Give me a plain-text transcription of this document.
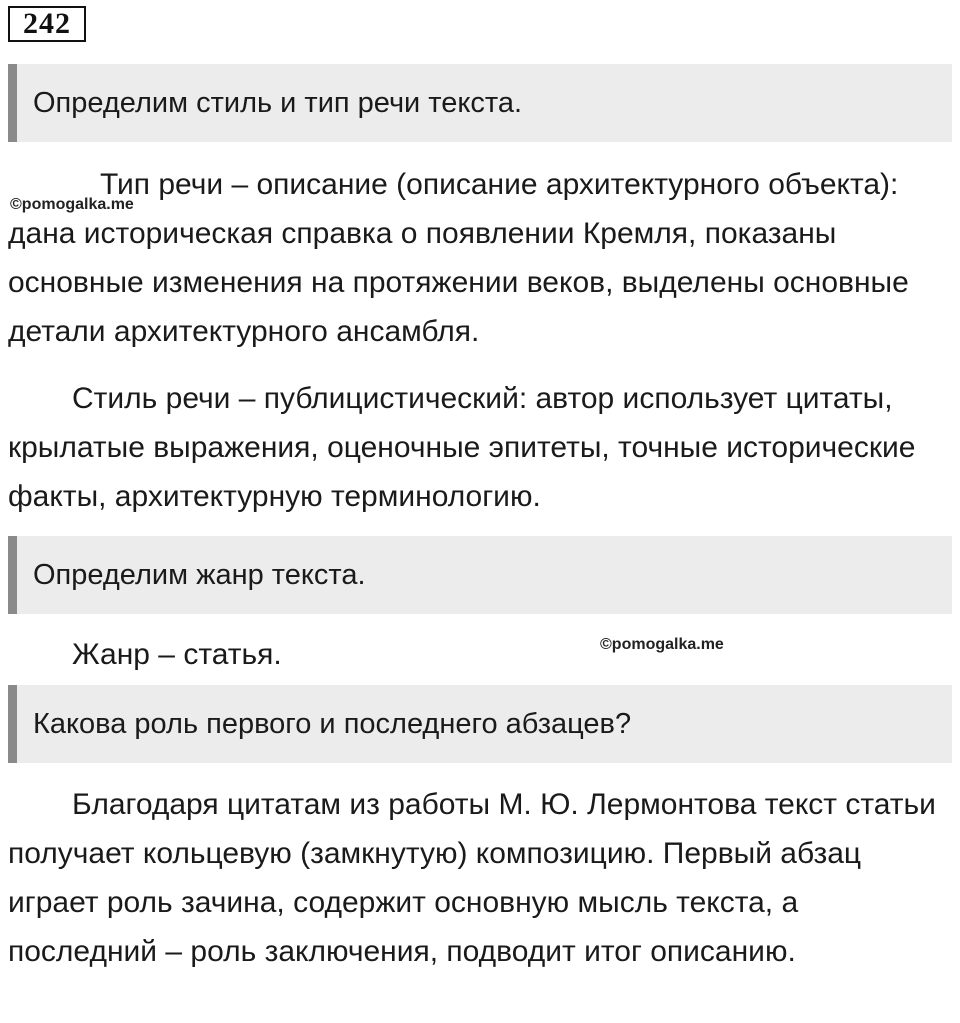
242
Определим стиль и тип речи текста.

Тип речи – описание (описание архитектурного объекта): дана историческая справка о появлении Кремля, показаны основные изменения на протяжении веков, выделены основные детали архитектурного ансамбля.

©pomogalka.me

Стиль речи – публицистический: автор использует цитаты, крылатые выражения, оценочные эпитеты, точные исторические факты, архитектурную терминологию.

Определим жанр текста.

Жанр – статья.	©pomogalka.me
Какова роль первого и последнего абзацев?

Благодаря цитатам из работы М. Ю. Лермонтова текст статьи получает кольцевую (замкнутую) композицию. Первый абзац играет роль зачина, содержит основную мысль текста, а последний – роль заключения, подводит итог описанию.
